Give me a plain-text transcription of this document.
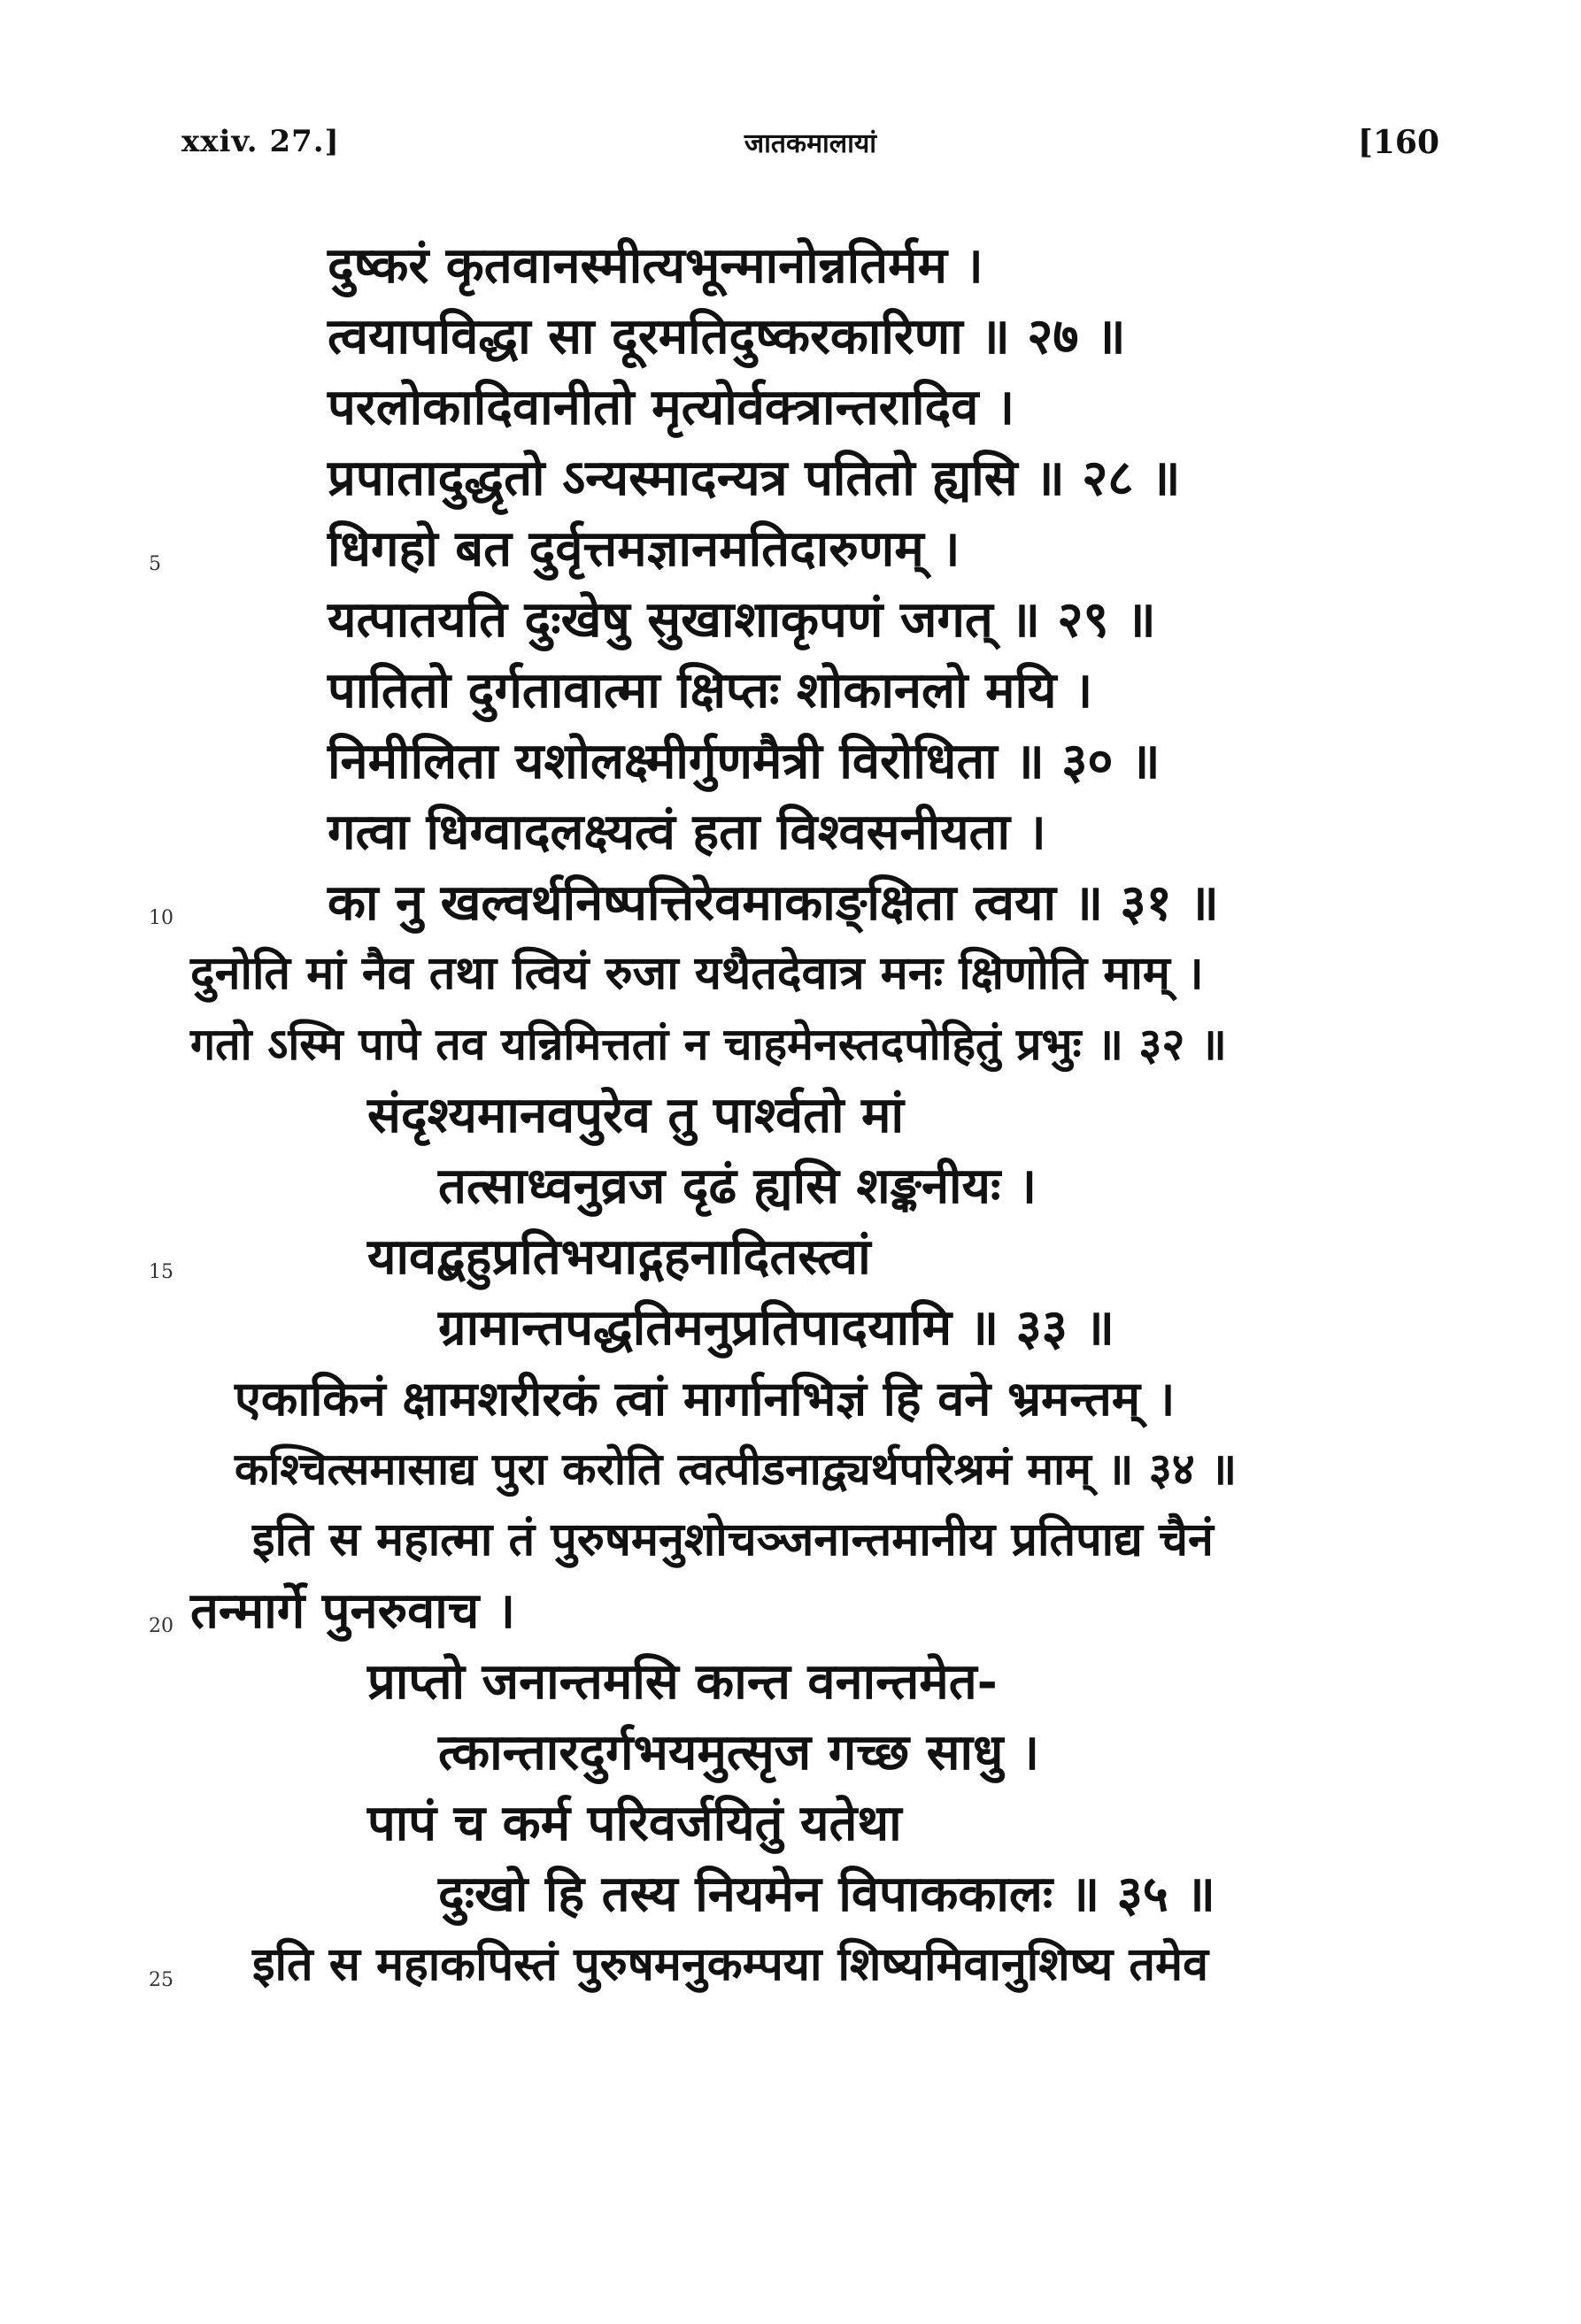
xxiv. 27.]	जातकमालायां	[160
दुष्करं कृतवानस्मीत्यभून्मानोन्नतिर्मम ।
त्वयापविद्धा सा दूरमतिदुष्करकारिणा ॥ २७ ॥
परलोकादिवानीतो मृत्योर्वक्त्रान्तरादिव ।
प्रपातादुद्धृतो ऽन्यस्मादन्यत्र पतितो ह्यसि ॥ २८ ॥
धिगहो बत दुर्वृत्तमज्ञानमतिदारुणम् ।
यत्पातयति दुःखेषु सुखाशाकृपणं जगत् ॥ २९ ॥
पातितो दुर्गतावात्मा क्षिप्तः शोकानलो मयि ।
निमीलिता यशोलक्ष्मीर्गुणमैत्री विरोधिता ॥ ३० ॥
गत्वा धिग्वादलक्ष्यत्वं हता विश्वसनीयता ।
का नु खल्वर्थनिष्पत्तिरेवमाकाङ्क्षिता त्वया ॥ ३१ ॥
दुनोति मां नैव तथा त्वियं रुजा यथैतदेवात्र मनः क्षिणोति माम् ।
गतो ऽस्मि पापे तव यन्निमित्ततां न चाहमेनस्तदपोहितुं प्रभुः ॥ ३२ ॥
संदृश्यमानवपुरेव तु पार्श्वतो मां
तत्साध्वनुव्रज दृढं ह्यसि शङ्कनीयः ।
यावद्बहुप्रतिभयाद्गहनादितस्त्वां
ग्रामान्तपद्धतिमनुप्रतिपादयामि ॥ ३३ ॥
एकाकिनं क्षामशरीरकं त्वां मार्गानभिज्ञं हि वने भ्रमन्तम् ।
कश्चित्समासाद्य पुरा करोति त्वत्पीडनाद्व्यर्थपरिश्रमं माम् ॥ ३४ ॥
इति स महात्मा तं पुरुषमनुशोचञ्जनान्तमानीय प्रतिपाद्य चैनं
तन्मार्गे पुनरुवाच ।
प्राप्तो जनान्तमसि कान्त वनान्तमेत-
त्कान्तारदुर्गभयमुत्सृज गच्छ साधु ।
पापं च कर्म परिवर्जयितुं यतेथा
दुःखो हि तस्य नियमेन विपाककालः ॥ ३५ ॥
इति स महाकपिस्तं पुरुषमनुकम्पया शिष्यमिवानुशिष्य तमेव
5
10
15
20
25
